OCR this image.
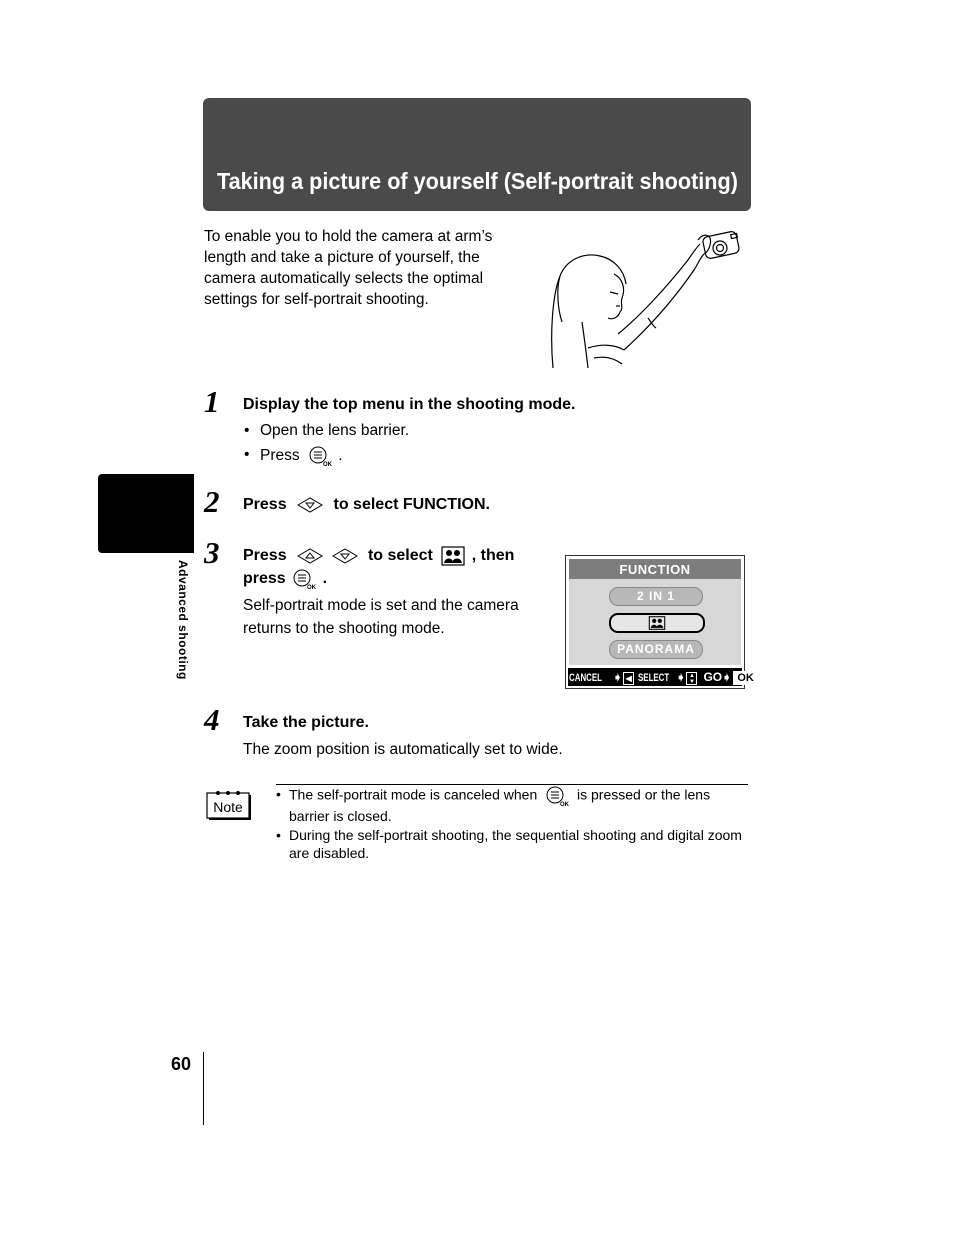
Taking a picture of yourself (Self-portrait shooting)
To enable you to hold the camera at arm’s length and take a picture of yourself, the camera automatically selects the optimal settings for self-portrait shooting.
Advanced shooting
1 Display the top menu in the shooting mode.
• Open the lens barrier.
• Press
OK
.
2 Press	to select FUNCTION.
3 Press	to select , then
press
OK
.
Self-portrait mode is set and the camera returns to the shooting mode.
FUNCTION
2 IN 1
PANORAMA
CANCEL ➧ ◀ SELECT ➧ ▲
▼ GO➧ OK
4 Take the picture.
The zoom position is automatically set to wide.
Note
• The self-portrait mode is canceled when
OK
is pressed or the lens barrier is closed.
• During the self-portrait shooting, the sequential shooting and digital zoom are disabled.
60
